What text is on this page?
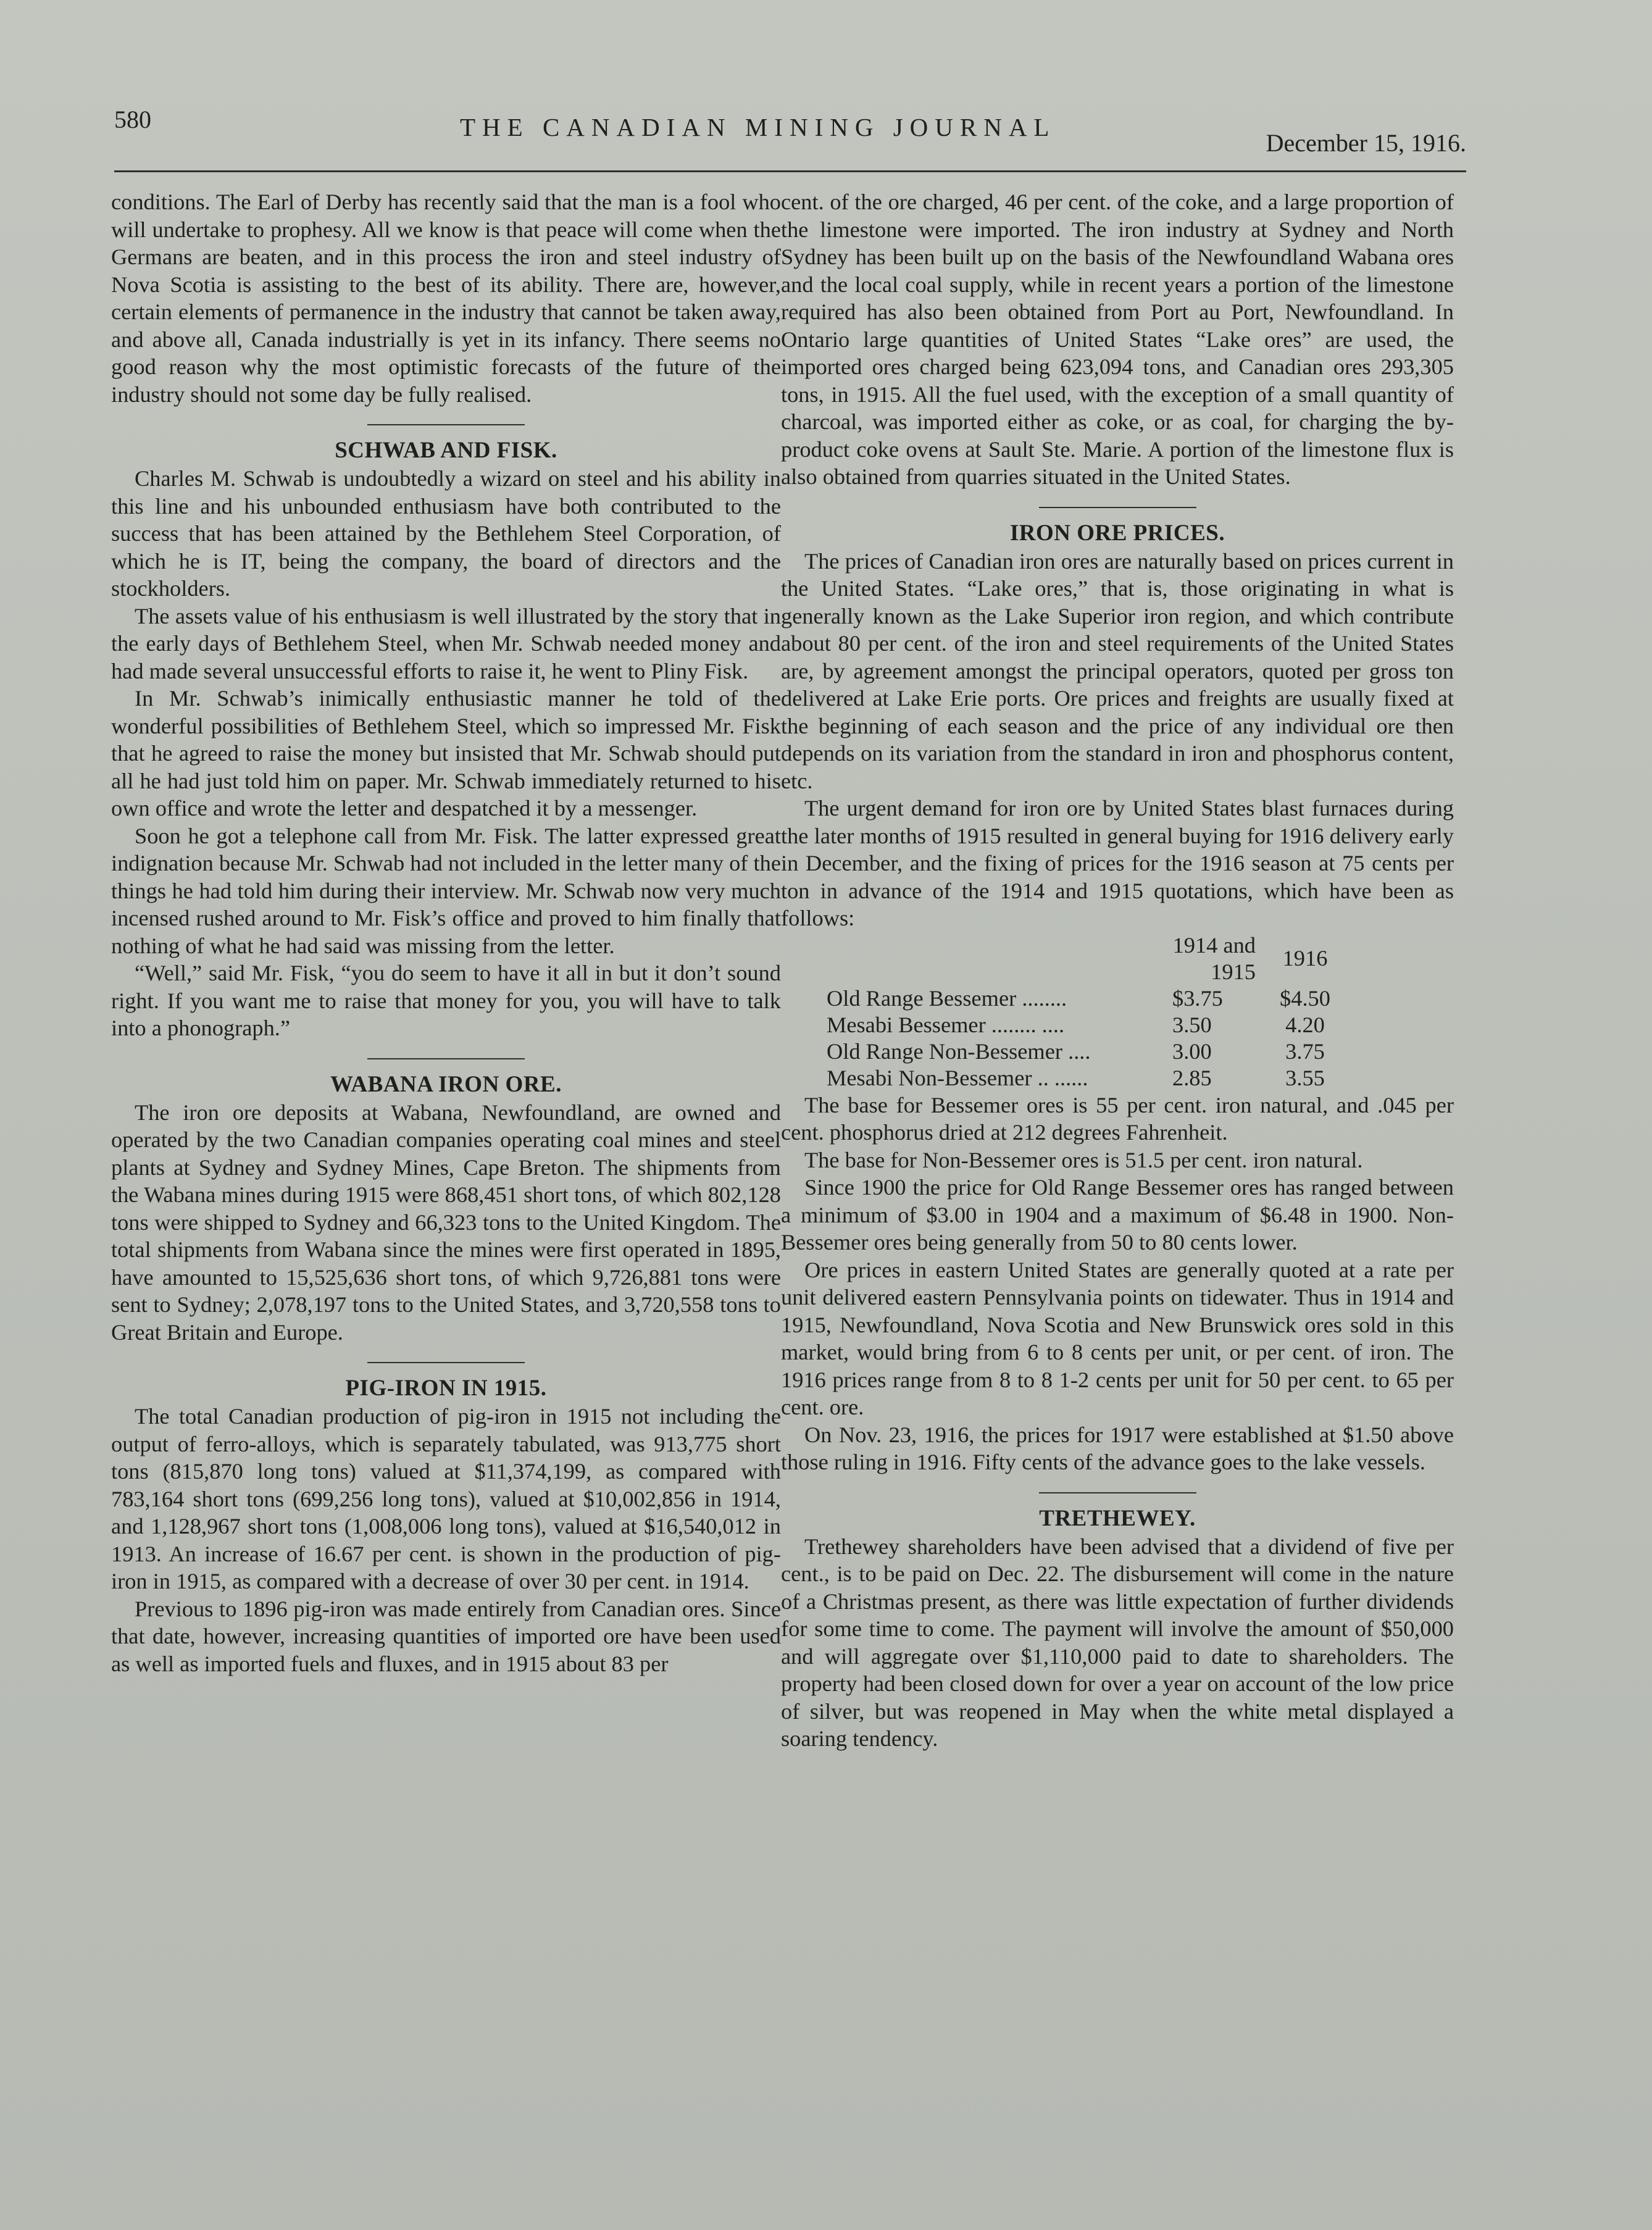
580	THE CANADIAN MINING JOURNAL
December 15, 1916.

conditions. The Earl of Derby has recently said that the man is a fool who will undertake to prophesy. All we know is that peace will come when the Germans are beaten, and in this process the iron and steel industry of Nova Scotia is assisting to the best of its ability. There are, however, certain elements of permanence in the industry that cannot be taken away, and above all, Canada industrially is yet in its infancy. There seems no good reason why the most optimistic forecasts of the future of the industry should not some day be fully realised.

SCHWAB AND FISK.

Charles M. Schwab is undoubtedly a wizard on steel and his ability in this line and his unbounded enthusiasm have both contributed to the success that has been attained by the Bethlehem Steel Corporation, of which he is IT, being the company, the board of directors and the stockholders.

The assets value of his enthusiasm is well illustrated by the story that in the early days of Bethlehem Steel, when Mr. Schwab needed money and had made several unsuccessful efforts to raise it, he went to Pliny Fisk.

In Mr. Schwab’s inimically enthusiastic manner he told of the wonderful possibilities of Bethlehem Steel, which so impressed Mr. Fisk that he agreed to raise the money but insisted that Mr. Schwab should put all he had just told him on paper. Mr. Schwab immediately returned to his own office and wrote the letter and despatched it by a messenger.

Soon he got a telephone call from Mr. Fisk. The latter expressed great indignation because Mr. Schwab had not included in the letter many of the things he had told him during their interview. Mr. Schwab now very much incensed rushed around to Mr. Fisk’s office and proved to him finally that nothing of what he had said was missing from the letter.

“Well,” said Mr. Fisk, “you do seem to have it all in but it don’t sound right. If you want me to raise that money for you, you will have to talk into a phonograph.”

WABANA IRON ORE.

The iron ore deposits at Wabana, Newfoundland, are owned and operated by the two Canadian companies operating coal mines and steel plants at Sydney and Sydney Mines, Cape Breton. The shipments from the Wabana mines during 1915 were 868,451 short tons, of which 802,128 tons were shipped to Sydney and 66,323 tons to the United Kingdom. The total shipments from Wabana since the mines were first operated in 1895, have amounted to 15,525,636 short tons, of which 9,726,881 tons were sent to Sydney; 2,078,197 tons to the United States, and 3,720,558 tons to Great Britain and Europe.

PIG-IRON IN 1915.

The total Canadian production of pig-iron in 1915 not including the output of ferro-alloys, which is separately tabulated, was 913,775 short tons (815,870 long tons) valued at $11,374,199, as compared with 783,164 short tons (699,256 long tons), valued at $10,002,856 in 1914, and 1,128,967 short tons (1,008,006 long tons), valued at $16,540,012 in 1913. An increase of 16.67 per cent. is shown in the production of pig-iron in 1915, as compared with a decrease of over 30 per cent. in 1914.

Previous to 1896 pig-iron was made entirely from Canadian ores. Since that date, however, increasing quantities of imported ore have been used as well as imported fuels and fluxes, and in 1915 about 83 per

cent. of the ore charged, 46 per cent. of the coke, and a large proportion of the limestone were imported. The iron industry at Sydney and North Sydney has been built up on the basis of the Newfoundland Wabana ores and the local coal supply, while in recent years a portion of the limestone required has also been obtained from Port au Port, Newfoundland. In Ontario large quantities of United States “Lake ores” are used, the imported ores charged being 623,094 tons, and Canadian ores 293,305 tons, in 1915. All the fuel used, with the exception of a small quantity of charcoal, was imported either as coke, or as coal, for charging the by-product coke ovens at Sault Ste. Marie. A portion of the limestone flux is also obtained from quarries situated in the United States.

IRON ORE PRICES.

The prices of Canadian iron ores are naturally based on prices current in the United States. “Lake ores,” that is, those originating in what is generally known as the Lake Superior iron region, and which contribute about 80 per cent. of the iron and steel requirements of the United States are, by agreement amongst the principal operators, quoted per gross ton delivered at Lake Erie ports. Ore prices and freights are usually fixed at the beginning of each season and the price of any individual ore then depends on its variation from the standard in iron and phosphorus content, etc.

The urgent demand for iron ore by United States blast furnaces during the later months of 1915 resulted in general buying for 1916 delivery early in December, and the fixing of prices for the 1916 season at 75 cents per ton in advance of the 1914 and 1915 quotations, which have been as follows:

	1914 and 1915	1916
Old Range Bessemer ........	$3.75	$4.50
Mesabi Bessemer ........ ....	3.50	4.20
Old Range Non-Bessemer ....	3.00	3.75
Mesabi Non-Bessemer .. ......	2.85	3.55

The base for Bessemer ores is 55 per cent. iron natural, and .045 per cent. phosphorus dried at 212 degrees Fahrenheit.

The base for Non-Bessemer ores is 51.5 per cent. iron natural.

Since 1900 the price for Old Range Bessemer ores has ranged between a minimum of $3.00 in 1904 and a maximum of $6.48 in 1900. Non-Bessemer ores being generally from 50 to 80 cents lower.

Ore prices in eastern United States are generally quoted at a rate per unit delivered eastern Pennsylvania points on tidewater. Thus in 1914 and 1915, Newfoundland, Nova Scotia and New Brunswick ores sold in this market, would bring from 6 to 8 cents per unit, or per cent. of iron. The 1916 prices range from 8 to 8 1-2 cents per unit for 50 per cent. to 65 per cent. ore.

On Nov. 23, 1916, the prices for 1917 were established at $1.50 above those ruling in 1916. Fifty cents of the advance goes to the lake vessels.

TRETHEWEY.

Trethewey shareholders have been advised that a dividend of five per cent., is to be paid on Dec. 22. The disbursement will come in the nature of a Christmas present, as there was little expectation of further dividends for some time to come. The payment will involve the amount of $50,000 and will aggregate over $1,110,000 paid to date to shareholders. The property had been closed down for over a year on account of the low price of silver, but was reopened in May when the white metal displayed a soaring tendency.
